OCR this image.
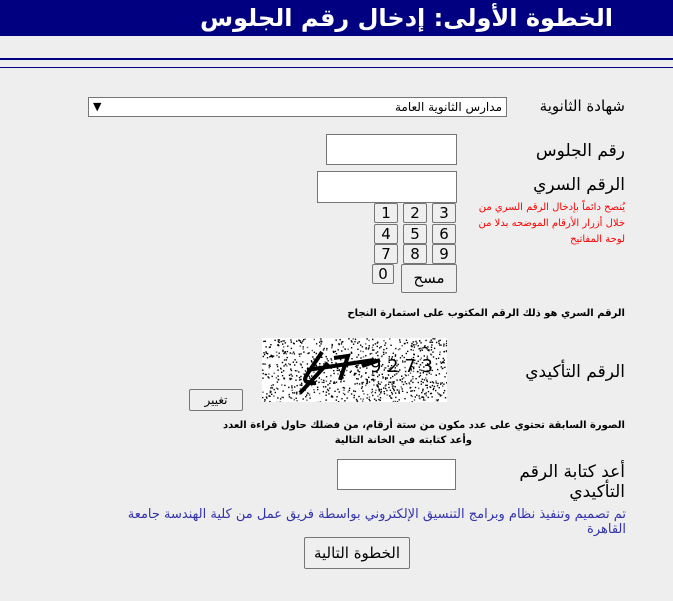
الخطوة الأولى: إدخال رقم الجلوس
شهادة الثانوية
مدارس الثانوية العامة
▼
رقم الجلوس
الرقم السري
يُنصح دائماً بإدخال الرقم السري من خلال أزرار الأرقام الموضحه بدلا من لوحة المفاتيح
1	2	3
4	5	6
7	8	9
0	مسح
الرقم السري هو ذلك الرقم المكتوب على استمارة النجاح
الرقم التأكيدي
9 2 7 3
تغيير
الصورة السابقة تحتوي على عدد مكون من ستة أرقام، من فضلك حاول قراءة العدد
وأعد كتابته في الخانة التالية
أعد كتابة الرقم التأكيدي
تم تصميم وتنفيذ نظام وبرامج التنسيق الإلكتروني بواسطة فريق عمل من كلية الهندسة جامعة القاهرة
الخطوة التالية
